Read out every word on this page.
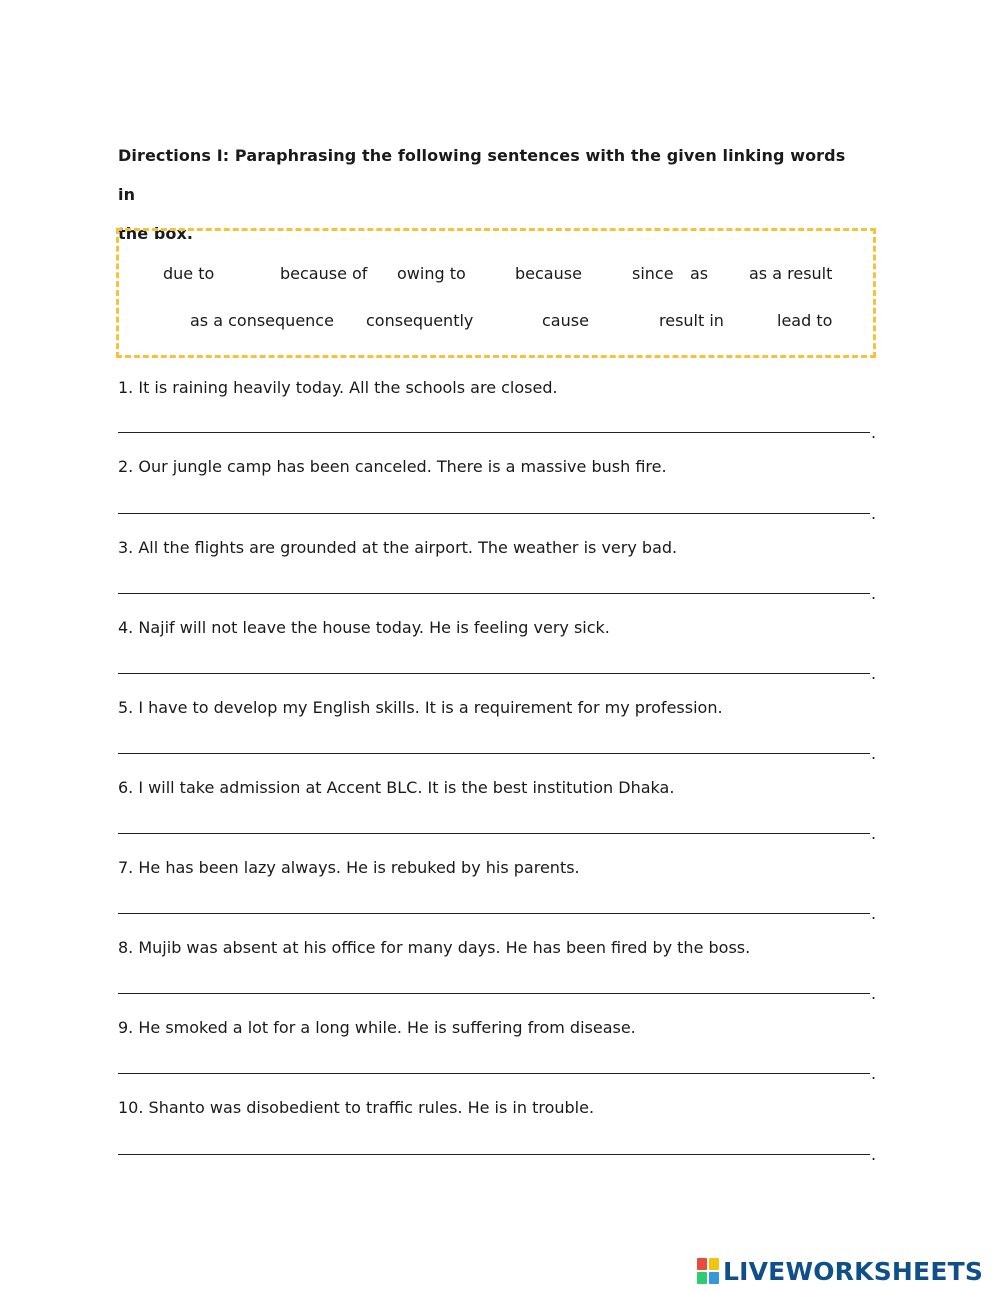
Directions I: Paraphrasing the following sentences with the given linking words in
the box.
due to	because of owing to	because	since as	as a result
as a consequence consequently	cause	result in	lead to
1. It is raining heavily today. All the schools are closed.
.
2. Our jungle camp has been canceled. There is a massive bush fire.
.
3. All the flights are grounded at the airport. The weather is very bad.
.
4. Najif will not leave the house today. He is feeling very sick.
.
5. I have to develop my English skills. It is a requirement for my profession.
.
6. I will take admission at Accent BLC. It is the best institution Dhaka.
.
7. He has been lazy always. He is rebuked by his parents.
.
8. Mujib was absent at his office for many days. He has been fired by the boss.
.
9. He smoked a lot for a long while. He is suffering from disease.
.
10. Shanto was disobedient to traffic rules. He is in trouble.
.
LIVEWORKSHEETS
